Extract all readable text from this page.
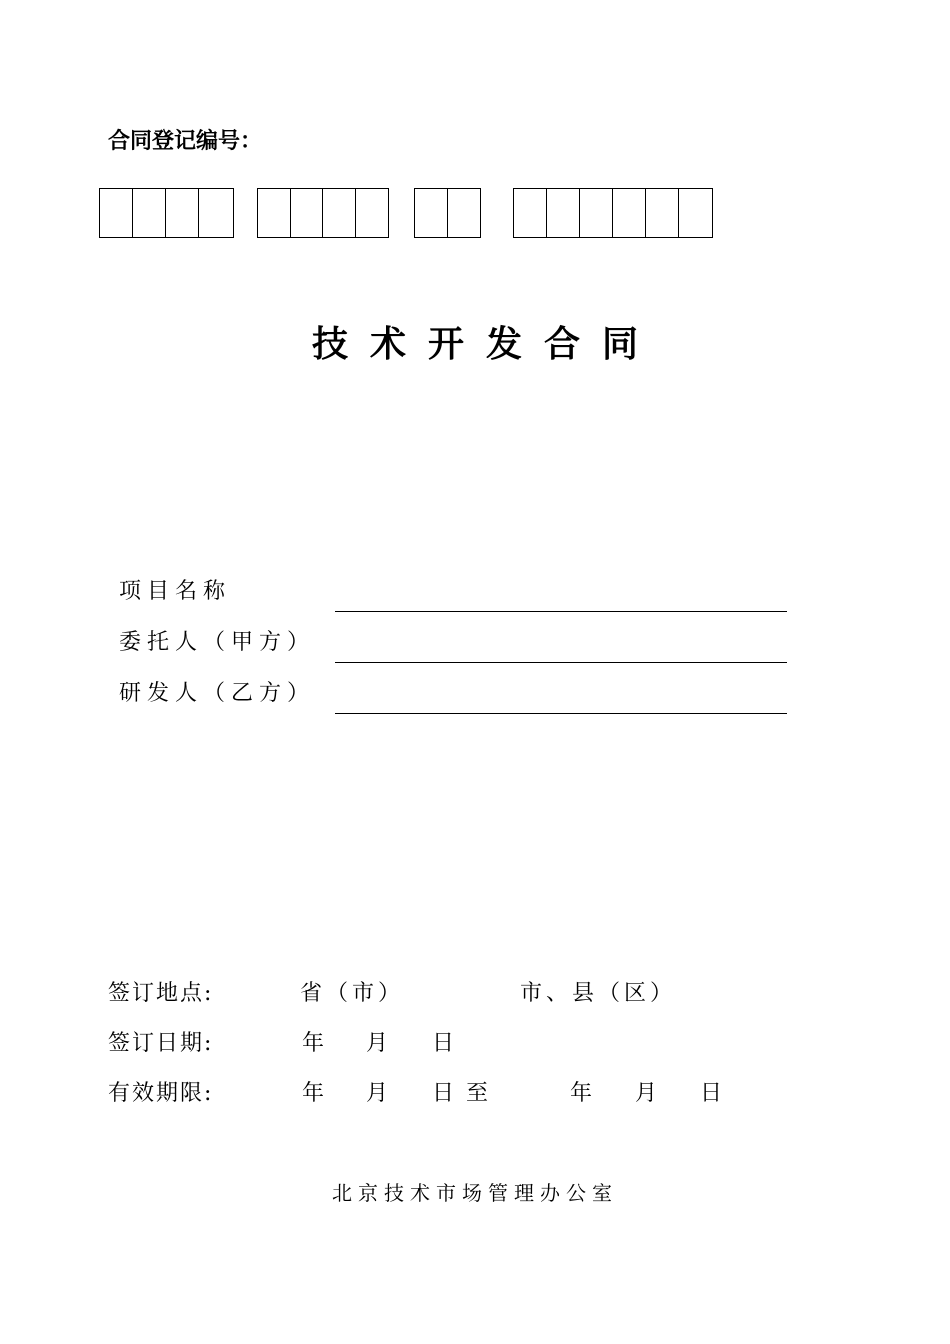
合同登记编号：
技术开发合同
项目名称
委托人（甲方）
研发人（乙方）
签订地点:	省（市）	市、县（区）
签订日期:	年 月 日
有效期限:	年 月 日至	年 月 日
北京技术市场管理办公室
